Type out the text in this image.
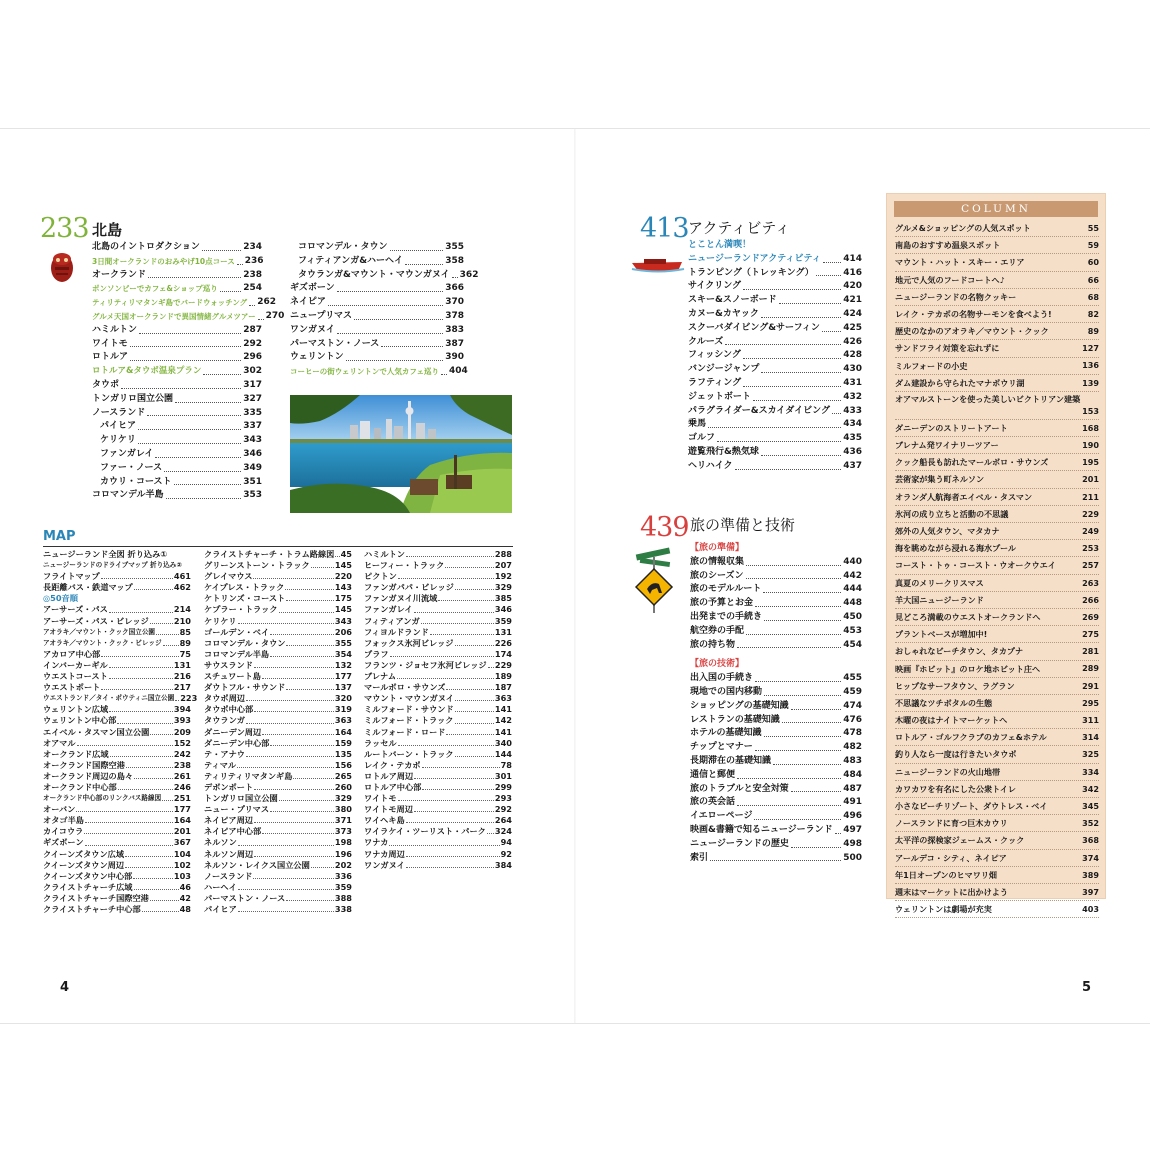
233 北島
北島のイントロダクション	234
3日間オークランドのおみやげ10点コース 236
オークランド	238
ポンソンビーでカフェ&ショップ巡り	254
ティリティリマタンギ島でバードウォッチング 262
グルメ天国オークランドで異国情緒グルメツアー 270
ハミルトン	287
ワイトモ	292
ロトルア	296
ロトルア&タウポ温泉プラン	302
タウポ	317
トンガリロ国立公園	327
ノースランド	335
パイヒア	337
ケリケリ	343
ファンガレイ	346
ファー・ノース	349
カウリ・コースト	351
コロマンデル半島	353
コロマンデル・タウン	355
フィティアンガ&ハーヘイ	358
タウランガ&マウント・マウンガヌイ 362
ギズボーン	366
ネイピア	370
ニュープリマス	378
ワンガヌイ	383
パーマストン・ノース	387
ウェリントン	390
コーヒーの街ウェリントンで人気カフェ巡り 404
MAP
ニュージーランド全図 折り込み①
ニュージーランドのドライブマップ 折り込み②
フライトマップ	461
長距離バス・鉄道マップ	462
◎50音順
アーサーズ・パス	214
アーサーズ・パス・ビレッジ	210
アオラキ／マウント・クック国立公園	85
アオラキ／マウント・クック・ビレッジ 89
アカロア中心部	75
インバーカーギル	131
ウエストコースト	216
ウエストポート	217
ウエストランド／タイ・ポウティニ国立公園 223
ウェリントン広域	394
ウェリントン中心部	393
エイベル・タスマン国立公園	209
オアマル	152
オークランド広域	242
オークランド国際空港	238
オークランド周辺の島々	261
オークランド中心部	246
オークランド中心部のリンクバス路線図 251
オーバン	177
オタゴ半島	164
カイコウラ	201
ギズボーン	367
クイーンズタウン広域	104
クイーンズタウン周辺	102
クイーンズタウン中心部	103
クライストチャーチ広域	46
クライストチャーチ国際空港	42
クライストチャーチ中心部	48
クライストチャーチ・トラム路線図 45
グリーンストーン・トラック	145
グレイマウス	220
ケイプレス・トラック	143
ケトリンズ・コースト	175
ケプラー・トラック	145
ケリケリ	343
ゴールデン・ベイ	206
コロマンデル・タウン	355
コロマンデル半島	354
サウスランド	132
スチュワート島	177
ダウトフル・サウンド	137
タウポ周辺	320
タウポ中心部	319
タウランガ	363
ダニーデン周辺	164
ダニーデン中心部	159
テ・アナウ	135
ティマル	156
ティリティリマタンギ島	265
デボンポート	260
トンガリロ国立公園	329
ニュー・プリマス	380
ネイピア周辺	371
ネイピア中心部	373
ネルソン	198
ネルソン周辺	196
ネルソン・レイクス国立公園	202
ノースランド	336
ハーヘイ	359
パーマストン・ノース	388
パイヒア	338
ハミルトン	288
ヒーフィー・トラック	207
ピクトン	192
ファンガパパ・ビレッジ	329
ファンガヌイ川流域	385
ファンガレイ	346
フィティアンガ	359
フィヨルドランド	131
フォックス氷河ビレッジ	226
プラフ	174
フランツ・ジョセフ氷河ビレッジ 229
ブレナム	189
マールボロ・サウンズ	187
マウント・マウンガヌイ	363
ミルフォード・サウンド	141
ミルフォード・トラック	142
ミルフォード・ロード	141
ラッセル	340
ルートバーン・トラック	144
レイク・テカポ	78
ロトルア周辺	301
ロトルア中心部	299
ワイトモ	293
ワイトモ周辺	292
ワイヘキ島	264
ワイラケイ・ツーリスト・パーク 324
ワナカ	94
ワナカ周辺	92
ワンガヌイ	384
4
413 アクティビティ
とことん満喫！
ニュージーランドアクティビティ 414
トランピング（トレッキング）	416
サイクリング	420
スキー&スノーボード	421
カヌー&カヤック	424
スクーバダイビング&サーフィン	425
クルーズ	426
フィッシング	428
バンジージャンプ	430
ラフティング	431
ジェットボート	432
パラグライダー&スカイダイビング 433
乗馬	434
ゴルフ	435
遊覧飛行&熱気球	436
ヘリハイク	437
439 旅の準備と技術
【旅の準備】
旅の情報収集	440
旅のシーズン	442
旅のモデルルート	444
旅の予算とお金	448
出発までの手続き	450
航空券の手配	453
旅の持ち物	454
【旅の技術】
出入国の手続き	455
現地での国内移動	459
ショッピングの基礎知識	474
レストランの基礎知識	476
ホテルの基礎知識	478
チップとマナー	482
長期滞在の基礎知識	483
通信と郵便	484
旅のトラブルと安全対策	487
旅の英会話	491
イエローページ	496
映画&書籍で知るニュージーランド 497
ニュージーランドの歴史	498
索引	500
COLUMN
グルメ&ショッピングの人気スポット	55
南島のおすすめ温泉スポット	59
マウント・ハット・スキー・エリア	60
地元で人気のフードコートへ♪	66
ニュージーランドの名物クッキー	68
レイク・テカポの名物サーモンを食べよう!	82
歴史のなかのアオラキ／マウント・クック	89
サンドフライ対策を忘れずに	127
ミルフォードの小史	136
ダム建設から守られたマナポウリ湖	139
オアマルストーンを使った美しいビクトリアン建築
153
ダニーデンのストリートアート	168
ブレナム発ワイナリーツアー	190
クック船長も訪れたマールボロ・サウンズ	195
芸術家が集う町ネルソン	201
オランダ人航海者エイベル・タスマン	211
氷河の成り立ちと活動の不思議	229
郊外の人気タウン、マタカナ	249
海を眺めながら浸れる海水プール	253
コースト・トゥ・コースト・ウオークウエイ	257
真夏のメリークリスマス	263
羊大国ニュージーランド	266
見どころ満載のウエストオークランドへ	269
プラントベースが増加中!	275
おしゃれなビーチタウン、タカプナ	281
映画『ホビット』のロケ地ホビット庄へ	289
ヒップなサーフタウン、ラグラン	291
不思議なツチボタルの生態	295
木曜の夜はナイトマーケットへ	311
ロトルア・ゴルフクラブのカフェ&ホテル	314
釣り人なら一度は行きたいタウポ	325
ニュージーランドの火山地帯	334
カワカワを有名にした公衆トイレ	342
小さなビーチリゾート、ダウトレス・ベイ	345
ノースランドに育つ巨木カウリ	352
太平洋の探検家ジェームス・クック	368
アールデコ・シティ、ネイピア	374
年1日オープンのヒマワリ畑	389
週末はマーケットに出かけよう	397
ウェリントンは劇場が充実	403
5
